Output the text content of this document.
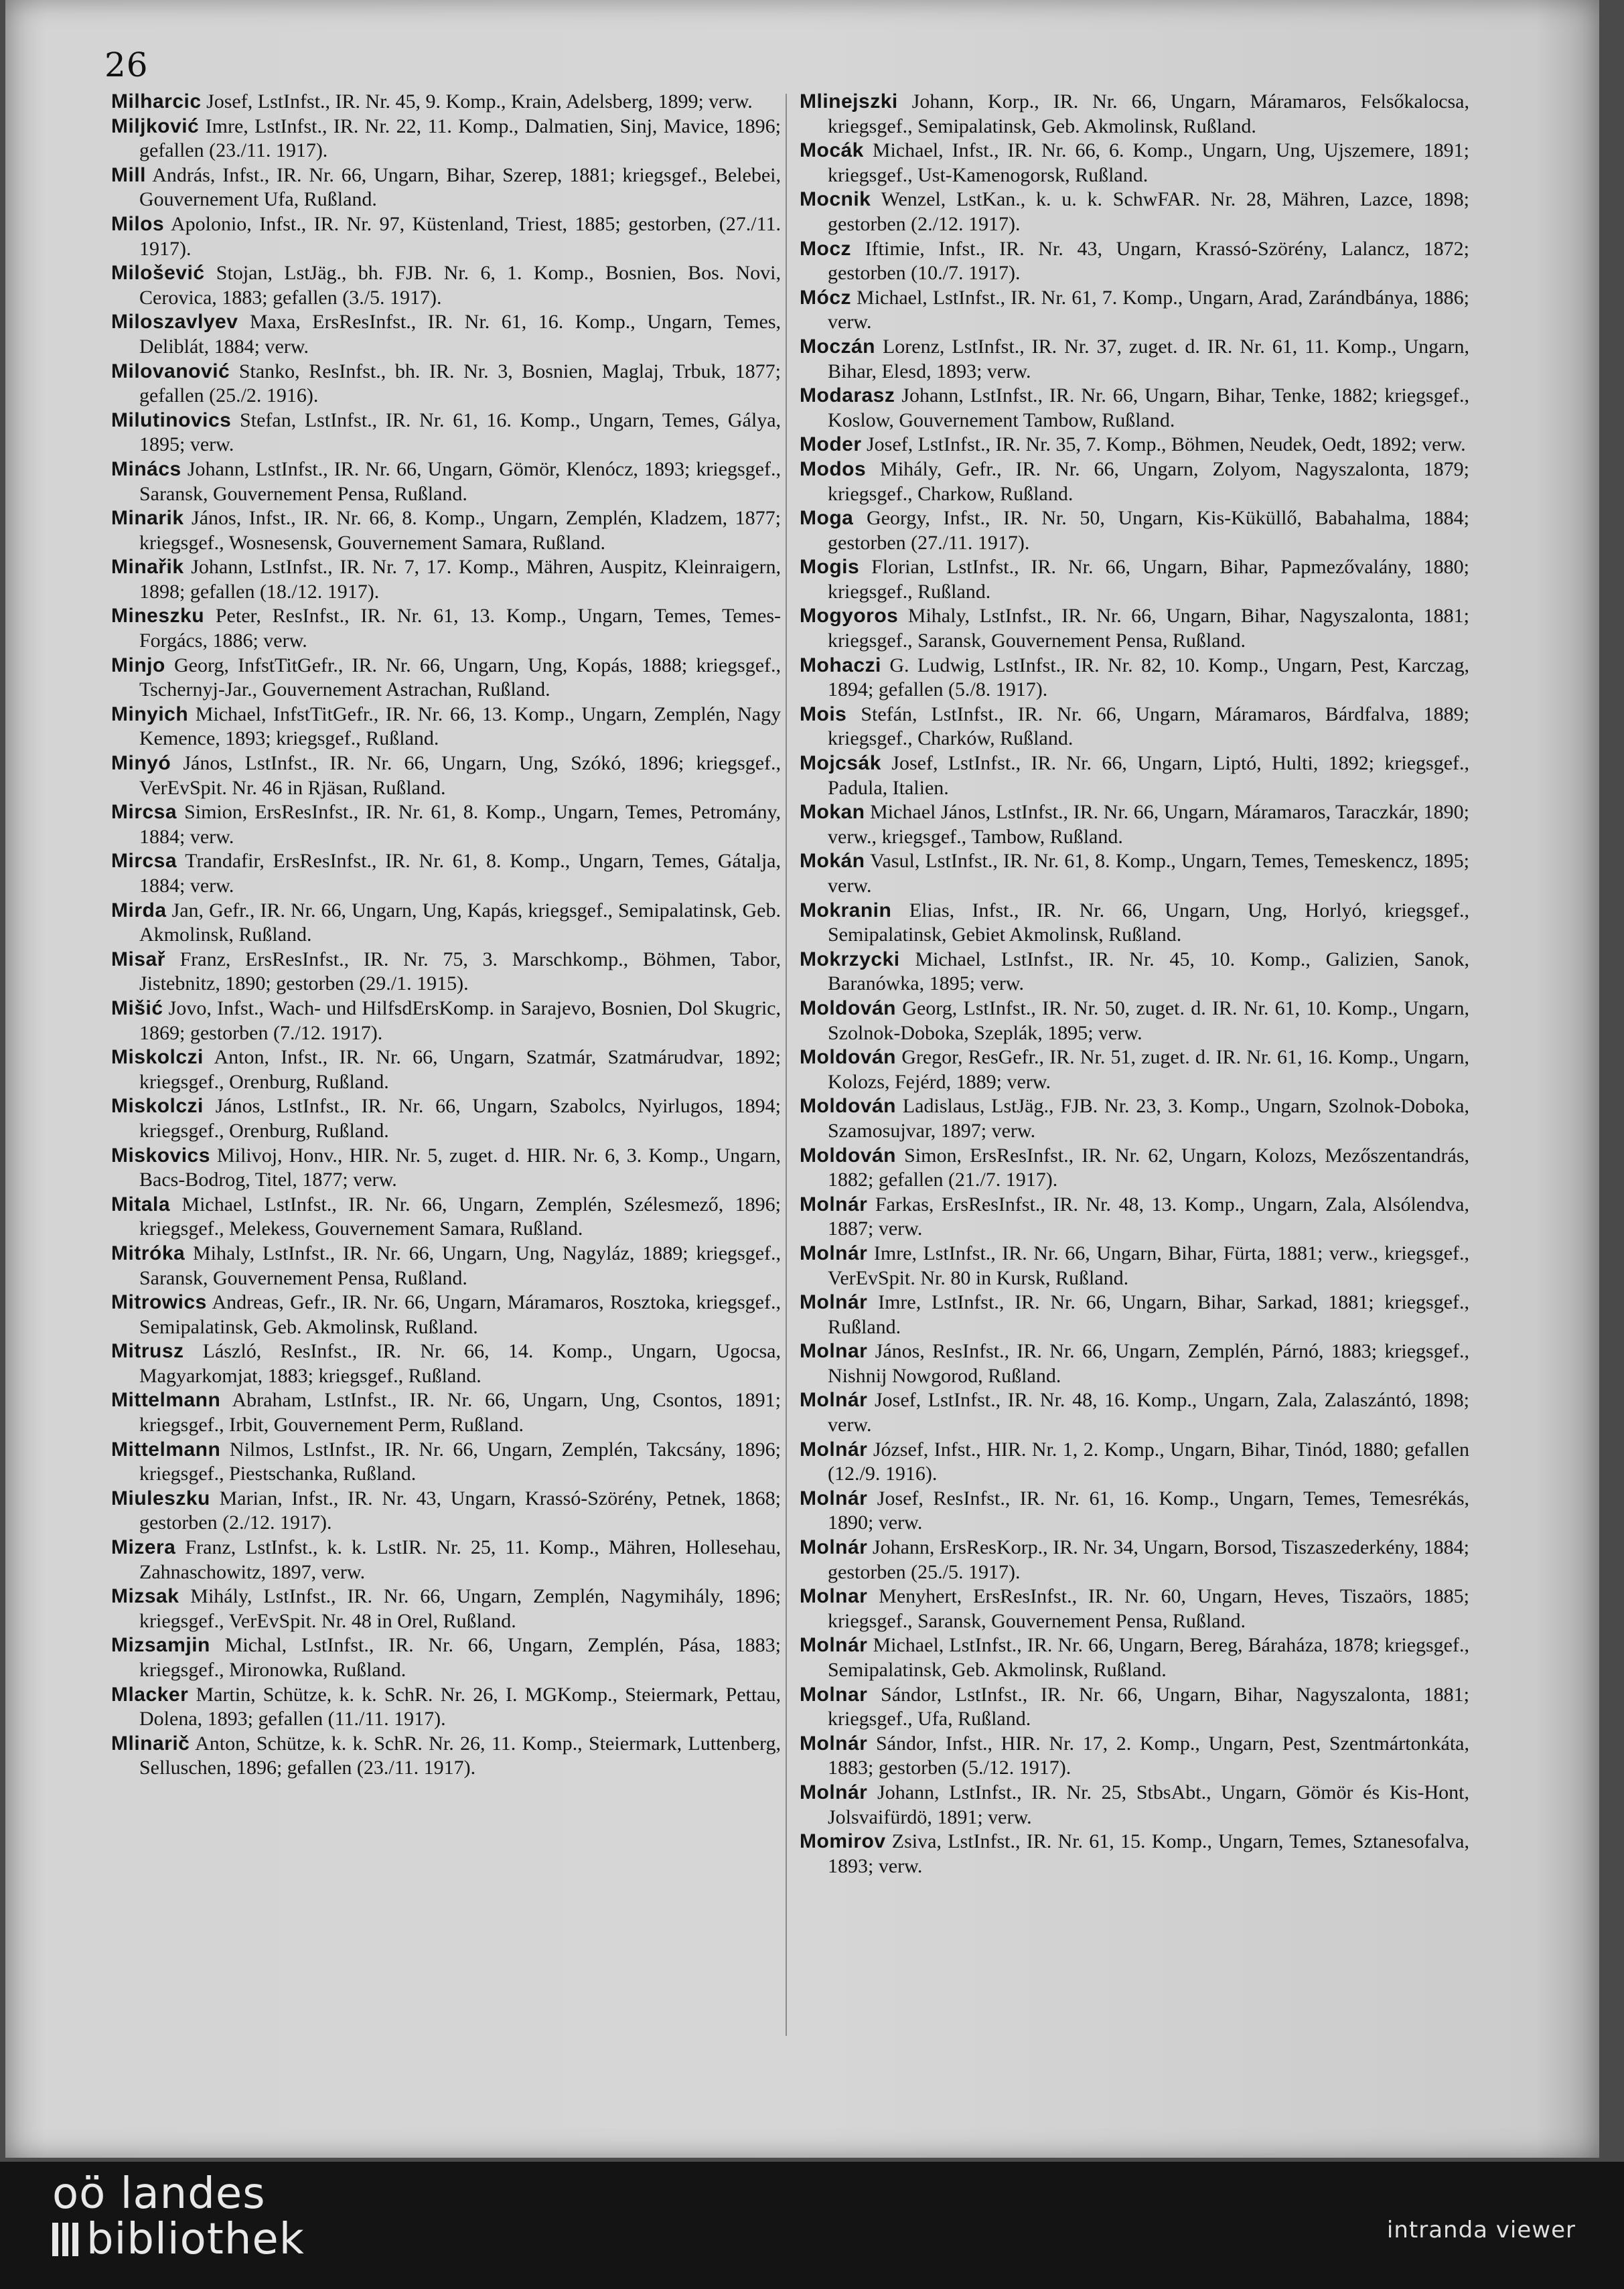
26

Milharcic Josef, LstInfst., IR. Nr. 45, 9. Komp., Krain, Adelsberg, 1899; verw.

Miljković Imre, LstInfst., IR. Nr. 22, 11. Komp., Dalmatien, Sinj, Mavice, 1896; gefallen (23./11. 1917).

Mill András, Infst., IR. Nr. 66, Ungarn, Bihar, Szerep, 1881; kriegsgef., Belebei, Gouvernement Ufa, Rußland.

Milos Apolonio, Infst., IR. Nr. 97, Küstenland, Triest, 1885; gestorben, (27./11. 1917).

Milošević Stojan, LstJäg., bh. FJB. Nr. 6, 1. Komp., Bosnien, Bos. Novi, Cerovica, 1883; gefallen (3./5. 1917).

Miloszavlyev Maxa, ErsResInfst., IR. Nr. 61, 16. Komp., Ungarn, Temes, Deliblát, 1884; verw.

Milovanović Stanko, ResInfst., bh. IR. Nr. 3, Bosnien, Maglaj, Trbuk, 1877; gefallen (25./2. 1916).

Milutinovics Stefan, LstInfst., IR. Nr. 61, 16. Komp., Ungarn, Temes, Gálya, 1895; verw.

Minács Johann, LstInfst., IR. Nr. 66, Ungarn, Gömör, Klenócz, 1893; kriegsgef., Saransk, Gouvernement Pensa, Rußland.

Minarik János, Infst., IR. Nr. 66, 8. Komp., Ungarn, Zemplén, Kladzem, 1877; kriegsgef., Wosnesensk, Gouvernement Samara, Rußland.

Minařik Johann, LstInfst., IR. Nr. 7, 17. Komp., Mähren, Auspitz, Kleinraigern, 1898; gefallen (18./12. 1917).

Mineszku Peter, ResInfst., IR. Nr. 61, 13. Komp., Ungarn, Temes, Temes-Forgács, 1886; verw.

Minjo Georg, InfstTitGefr., IR. Nr. 66, Ungarn, Ung, Kopás, 1888; kriegsgef., Tschernyj-Jar., Gouvernement Astrachan, Rußland.

Minyich Michael, InfstTitGefr., IR. Nr. 66, 13. Komp., Ungarn, Zemplén, Nagy Kemence, 1893; kriegsgef., Rußland.

Minyó János, LstInfst., IR. Nr. 66, Ungarn, Ung, Szókó, 1896; kriegsgef., VerEvSpit. Nr. 46 in Rjäsan, Rußland.

Mircsa Simion, ErsResInfst., IR. Nr. 61, 8. Komp., Ungarn, Temes, Petromány, 1884; verw.

Mircsa Trandafir, ErsResInfst., IR. Nr. 61, 8. Komp., Ungarn, Temes, Gátalja, 1884; verw.

Mirda Jan, Gefr., IR. Nr. 66, Ungarn, Ung, Kapás, kriegsgef., Semipalatinsk, Geb. Akmolinsk, Rußland.

Misař Franz, ErsResInfst., IR. Nr. 75, 3. Marschkomp., Böhmen, Tabor, Jistebnitz, 1890; gestorben (29./1. 1915).

Mišić Jovo, Infst., Wach- und HilfsdErsKomp. in Sarajevo, Bosnien, Dol Skugric, 1869; gestorben (7./12. 1917).

Miskolczi Anton, Infst., IR. Nr. 66, Ungarn, Szatmár, Szatmárudvar, 1892; kriegsgef., Orenburg, Rußland.

Miskolczi János, LstInfst., IR. Nr. 66, Ungarn, Szabolcs, Nyirlugos, 1894; kriegsgef., Orenburg, Rußland.

Miskovics Milivoj, Honv., HIR. Nr. 5, zuget. d. HIR. Nr. 6, 3. Komp., Ungarn, Bacs-Bodrog, Titel, 1877; verw.

Mitala Michael, LstInfst., IR. Nr. 66, Ungarn, Zemplén, Szélesmező, 1896; kriegsgef., Melekess, Gouvernement Samara, Rußland.

Mitróka Mihaly, LstInfst., IR. Nr. 66, Ungarn, Ung, Nagyláz, 1889; kriegsgef., Saransk, Gouvernement Pensa, Rußland.

Mitrowics Andreas, Gefr., IR. Nr. 66, Ungarn, Máramaros, Rosztoka, kriegsgef., Semipalatinsk, Geb. Akmolinsk, Rußland.

Mitrusz László, ResInfst., IR. Nr. 66, 14. Komp., Ungarn, Ugocsa, Magyarkomjat, 1883; kriegsgef., Rußland.

Mittelmann Abraham, LstInfst., IR. Nr. 66, Ungarn, Ung, Csontos, 1891; kriegsgef., Irbit, Gouvernement Perm, Rußland.

Mittelmann Nilmos, LstInfst., IR. Nr. 66, Ungarn, Zemplén, Takcsány, 1896; kriegsgef., Piestschanka, Rußland.

Miuleszku Marian, Infst., IR. Nr. 43, Ungarn, Krassó-Szörény, Petnek, 1868; gestorben (2./12. 1917).

Mizera Franz, LstInfst., k. k. LstIR. Nr. 25, 11. Komp., Mähren, Hollesehau, Zahnaschowitz, 1897, verw.

Mizsak Mihály, LstInfst., IR. Nr. 66, Ungarn, Zemplén, Nagymihály, 1896; kriegsgef., VerEvSpit. Nr. 48 in Orel, Rußland.

Mizsamjin Michal, LstInfst., IR. Nr. 66, Ungarn, Zemplén, Pása, 1883; kriegsgef., Mironowka, Rußland.

Mlacker Martin, Schütze, k. k. SchR. Nr. 26, I. MGKomp., Steiermark, Pettau, Dolena, 1893; gefallen (11./11. 1917).

Mlinarič Anton, Schütze, k. k. SchR. Nr. 26, 11. Komp., Steiermark, Luttenberg, Selluschen, 1896; gefallen (23./11. 1917).

Mlinejszki Johann, Korp., IR. Nr. 66, Ungarn, Máramaros, Felsőkalocsa, kriegsgef., Semipalatinsk, Geb. Akmolinsk, Rußland.

Mocák Michael, Infst., IR. Nr. 66, 6. Komp., Ungarn, Ung, Ujszemere, 1891; kriegsgef., Ust-Kamenogorsk, Rußland.

Mocnik Wenzel, LstKan., k. u. k. SchwFAR. Nr. 28, Mähren, Lazce, 1898; gestorben (2./12. 1917).

Mocz Iftimie, Infst., IR. Nr. 43, Ungarn, Krassó-Szörény, Lalancz, 1872; gestorben (10./7. 1917).

Mócz Michael, LstInfst., IR. Nr. 61, 7. Komp., Ungarn, Arad, Zarándbánya, 1886; verw.

Moczán Lorenz, LstInfst., IR. Nr. 37, zuget. d. IR. Nr. 61, 11. Komp., Ungarn, Bihar, Elesd, 1893; verw.

Modarasz Johann, LstInfst., IR. Nr. 66, Ungarn, Bihar, Tenke, 1882; kriegsgef., Koslow, Gouvernement Tambow, Rußland.

Moder Josef, LstInfst., IR. Nr. 35, 7. Komp., Böhmen, Neudek, Oedt, 1892; verw.

Modos Mihály, Gefr., IR. Nr. 66, Ungarn, Zolyom, Nagyszalonta, 1879; kriegsgef., Charkow, Rußland.

Moga Georgy, Infst., IR. Nr. 50, Ungarn, Kis-Küküllő, Babahalma, 1884; gestorben (27./11. 1917).

Mogis Florian, LstInfst., IR. Nr. 66, Ungarn, Bihar, Papmezővalány, 1880; kriegsgef., Rußland.

Mogyoros Mihaly, LstInfst., IR. Nr. 66, Ungarn, Bihar, Nagyszalonta, 1881; kriegsgef., Saransk, Gouvernement Pensa, Rußland.

Mohaczi G. Ludwig, LstInfst., IR. Nr. 82, 10. Komp., Ungarn, Pest, Karczag, 1894; gefallen (5./8. 1917).

Mois Stefán, LstInfst., IR. Nr. 66, Ungarn, Máramaros, Bárdfalva, 1889; kriegsgef., Charków, Rußland.

Mojcsák Josef, LstInfst., IR. Nr. 66, Ungarn, Liptó, Hulti, 1892; kriegsgef., Padula, Italien.

Mokan Michael János, LstInfst., IR. Nr. 66, Ungarn, Máramaros, Taraczkár, 1890; verw., kriegsgef., Tambow, Rußland.

Mokán Vasul, LstInfst., IR. Nr. 61, 8. Komp., Ungarn, Temes, Temeskencz, 1895; verw.

Mokranin Elias, Infst., IR. Nr. 66, Ungarn, Ung, Horlyó, kriegsgef., Semipalatinsk, Gebiet Akmolinsk, Rußland.

Mokrzycki Michael, LstInfst., IR. Nr. 45, 10. Komp., Galizien, Sanok, Baranówka, 1895; verw.

Moldován Georg, LstInfst., IR. Nr. 50, zuget. d. IR. Nr. 61, 10. Komp., Ungarn, Szolnok-Doboka, Szeplák, 1895; verw.

Moldován Gregor, ResGefr., IR. Nr. 51, zuget. d. IR. Nr. 61, 16. Komp., Ungarn, Kolozs, Fejérd, 1889; verw.

Moldován Ladislaus, LstJäg., FJB. Nr. 23, 3. Komp., Ungarn, Szolnok-Doboka, Szamosujvar, 1897; verw.

Moldován Simon, ErsResInfst., IR. Nr. 62, Ungarn, Kolozs, Mezőszentandrás, 1882; gefallen (21./7. 1917).

Molnár Farkas, ErsResInfst., IR. Nr. 48, 13. Komp., Ungarn, Zala, Alsólendva, 1887; verw.

Molnár Imre, LstInfst., IR. Nr. 66, Ungarn, Bihar, Fürta, 1881; verw., kriegsgef., VerEvSpit. Nr. 80 in Kursk, Rußland.

Molnár Imre, LstInfst., IR. Nr. 66, Ungarn, Bihar, Sarkad, 1881; kriegsgef., Rußland.

Molnar János, ResInfst., IR. Nr. 66, Ungarn, Zemplén, Párnó, 1883; kriegsgef., Nishnij Nowgorod, Rußland.

Molnár Josef, LstInfst., IR. Nr. 48, 16. Komp., Ungarn, Zala, Zalaszántó, 1898; verw.

Molnár József, Infst., HIR. Nr. 1, 2. Komp., Ungarn, Bihar, Tinód, 1880; gefallen (12./9. 1916).

Molnár Josef, ResInfst., IR. Nr. 61, 16. Komp., Ungarn, Temes, Temesrékás, 1890; verw.

Molnár Johann, ErsResKorp., IR. Nr. 34, Ungarn, Borsod, Tiszaszederkény, 1884; gestorben (25./5. 1917).

Molnar Menyhert, ErsResInfst., IR. Nr. 60, Ungarn, Heves, Tiszaörs, 1885; kriegsgef., Saransk, Gouvernement Pensa, Rußland.

Molnár Michael, LstInfst., IR. Nr. 66, Ungarn, Bereg, Báraháza, 1878; kriegsgef., Semipalatinsk, Geb. Akmolinsk, Rußland.

Molnar Sándor, LstInfst., IR. Nr. 66, Ungarn, Bihar, Nagyszalonta, 1881; kriegsgef., Ufa, Rußland.

Molnár Sándor, Infst., HIR. Nr. 17, 2. Komp., Ungarn, Pest, Szentmártonkáta, 1883; gestorben (5./12. 1917).

Molnár Johann, LstInfst., IR. Nr. 25, StbsAbt., Ungarn, Gömör és Kis-Hont, Jolsvaifürdö, 1891; verw.

Momirov Zsiva, LstInfst., IR. Nr. 61, 15. Komp., Ungarn, Temes, Sztanesofalva, 1893; verw.

oö landes
bibliothek	intranda viewer
